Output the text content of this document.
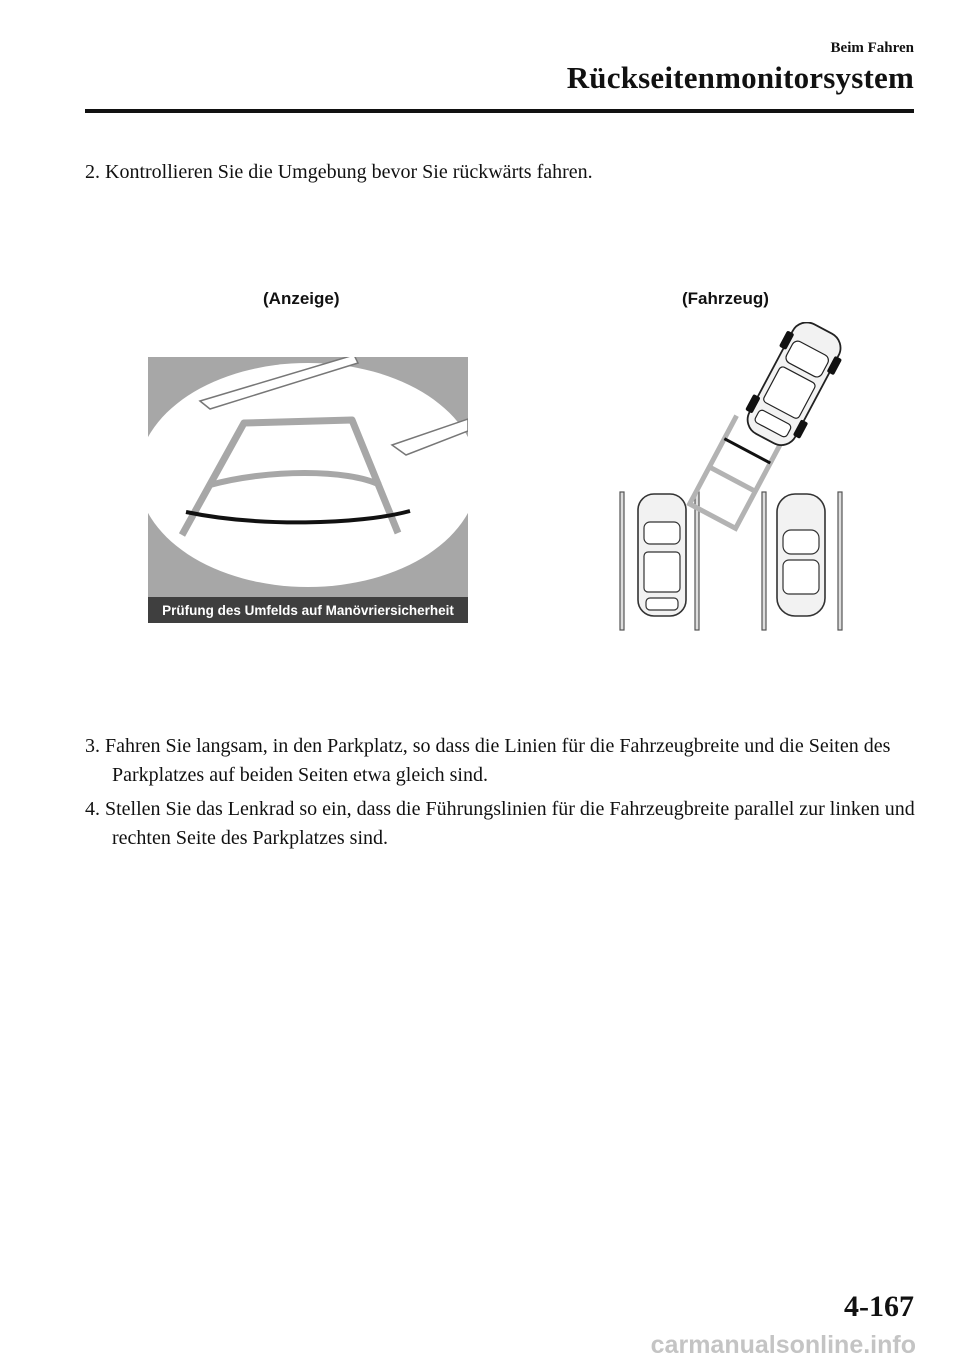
Beim Fahren
Rückseitenmonitorsystem
2. Kontrollieren Sie die Umgebung bevor Sie rückwärts fahren.
(Anzeige)	(Fahrzeug)
Prüfung des Umfelds auf Manövriersicherheit
3. Fahren Sie langsam, in den Parkplatz, so dass die Linien für die Fahrzeugbreite und die Seiten des Parkplatzes auf beiden Seiten etwa gleich sind.
4. Stellen Sie das Lenkrad so ein, dass die Führungslinien für die Fahrzeugbreite parallel zur linken und rechten Seite des Parkplatzes sind.
4-167
carmanualsonline.info
